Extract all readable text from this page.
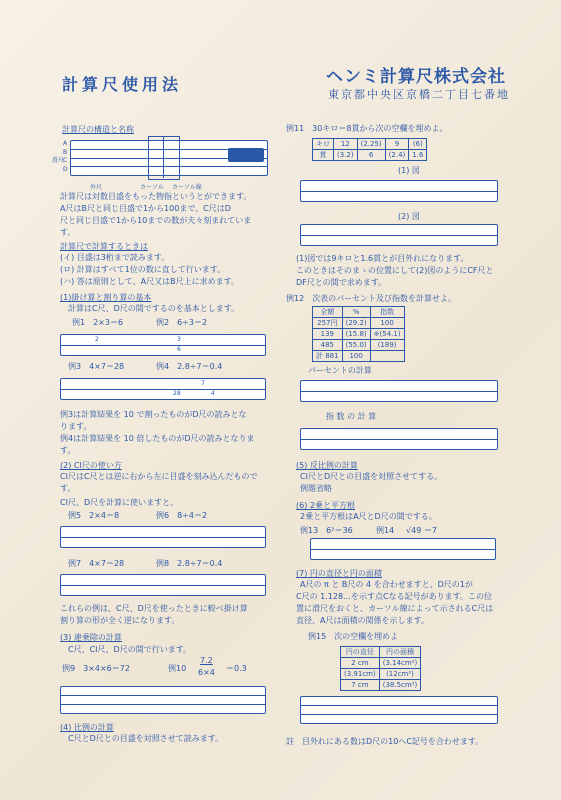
計算尺使用法	ヘンミ計算尺株式会社
東京都中央区京橋二丁目七番地
計算尺の構造と名称
A
B
C
D
滑尺
外尺	カーソル カーソル線
計算尺は対数目盛をもった物指というとができます。
A尺はB尺と同じ目盛で1から100まで、C尺はD
尺と同じ目盛で1から10までの数が夫々刻まれていま
す。
計算尺で計算するときは
(イ) 目盛は3桁まで読みます。
(ロ) 計算はすべて1位の数に直して行います。
(ハ) 答は原則として、A尺又はB尺上に求めます。
(1)掛け算と割り算の基本
計算はC尺、D尺の間でするのを基本とします。
例1　2×3＝6	例2　6÷3＝2
2	3
6
例3　4×7＝28	例4　2.8÷7＝0.4
7
4
28
例3は計算結果を 10 で割ったものがD尺の読みとな
ります。
例4は計算結果を 10 倍したものがD尺の読みとなりま
す。
(2) CI尺の使い方
CI尺はC尺とは逆に右から左に目盛を刻み込んだもので
す。
CI尺、D尺を計算に使いますと、
例5　2×4＝8	例6　8÷4＝2
例7　4×7＝28	例8　2.8÷7＝0.4
これらの例は、C尺、D尺を使ったときに較べ掛け算
割り算の形が全く逆になります。
(3) 連乗除の計算
C尺、CI尺、D尺の間で行います。
例9　3×4×6＝72	例10
7.2
6×4 ＝0.3
(4) 比例の計算
C尺とD尺との目盛を対照させて読みます。
例11　30キロ＝8貫から次の空欄を埋めよ。
キロ	12	(2.25)	9	(6)
貫	(3.2)	6	(2.4)	1.6
(1) 図
(2) 図
(1)図では9キロと1.6貫とが目外れになります。
このときはそのまゝの位置にして(2)図のようにCF尺と
DF尺との間で求めます。
例12　次表のパーセント及び指数を計算せよ。
全額	%	指数
257円	(29.2)	100
139	(15.8)	※(54.1)
485	(55.0)	(189)
計 881	100	
パーセントの計算
指 数 の 計 算
(5) 反比例の計算
CI尺とD尺との目盛を対照させてする。
例題省略
(6) 2乗と平方根
2乗と平方根はA尺とD尺の間でする。
例13　6²＝36	例14 √49 ＝7
(7) 円の直径と円の面積
A尺の π と B尺の 4 を合わせますと、D尺の1が
C尺の 1.128…を示す点Cなる記号があります。この位
置に滑尺をおくと、カーソル線によって示されるC尺は
直径、A尺は面積の関係を示します。
例15　次の空欄を埋めよ
円の直径	円の面積
2 cm	(3.14cm²)
(3.91cm)	(12cm²)
7 cm	(38.5cm²)
註　目外れにある数はD尺の10へC記号を合わせます。
